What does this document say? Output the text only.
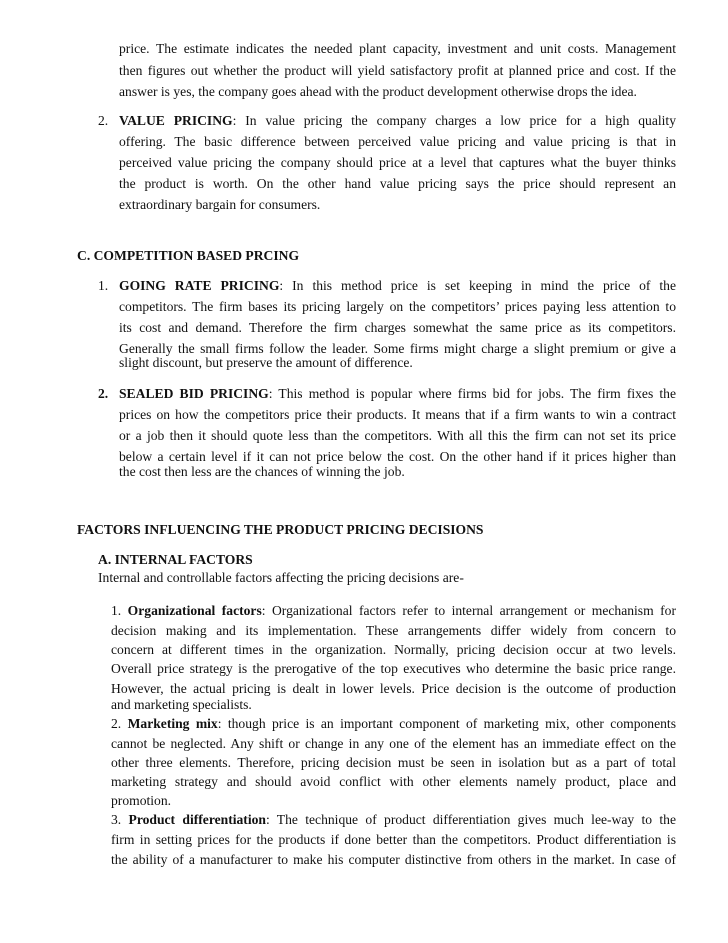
price. The estimate indicates the needed plant capacity, investment and unit costs. Management
then figures out whether the product will yield satisfactory profit at planned price and cost. If the
answer is yes, the company goes ahead with the product development otherwise drops the idea.
2. VALUE PRICING: In value pricing the company charges a low price for a high quality
offering. The basic difference between perceived value pricing and value pricing is that in
perceived value pricing the company should price at a level that captures what the buyer thinks
the product is worth. On the other hand value pricing says the price should represent an
extraordinary bargain for consumers.
C. COMPETITION BASED PRCING
1. GOING RATE PRICING: In this method price is set keeping in mind the price of the
competitors. The firm bases its pricing largely on the competitors’ prices paying less attention to
its cost and demand. Therefore the firm charges somewhat the same price as its competitors.
Generally the small firms follow the leader. Some firms might charge a slight premium or give a
slight discount, but preserve the amount of difference.
2. SEALED BID PRICING: This method is popular where firms bid for jobs. The firm fixes the
prices on how the competitors price their products. It means that if a firm wants to win a contract
or a job then it should quote less than the competitors. With all this the firm can not set its price
below a certain level if it can not price below the cost. On the other hand if it prices higher than
the cost then less are the chances of winning the job.
FACTORS INFLUENCING THE PRODUCT PRICING DECISIONS
A. INTERNAL FACTORS
Internal and controllable factors affecting the pricing decisions are-
1. Organizational factors: Organizational factors refer to internal arrangement or mechanism for
decision making and its implementation. These arrangements differ widely from concern to
concern at different times in the organization. Normally, pricing decision occur at two levels.
Overall price strategy is the prerogative of the top executives who determine the basic price range.
However, the actual pricing is dealt in lower levels. Price decision is the outcome of production
and marketing specialists.
2. Marketing mix: though price is an important component of marketing mix, other components
cannot be neglected. Any shift or change in any one of the element has an immediate effect on the
other three elements. Therefore, pricing decision must be seen in isolation but as a part of total
marketing strategy and should avoid conflict with other elements namely product, place and
promotion.
3. Product differentiation: The technique of product differentiation gives much lee-way to the
firm in setting prices for the products if done better than the competitors. Product differentiation is
the ability of a manufacturer to make his computer distinctive from others in the market. In case of
